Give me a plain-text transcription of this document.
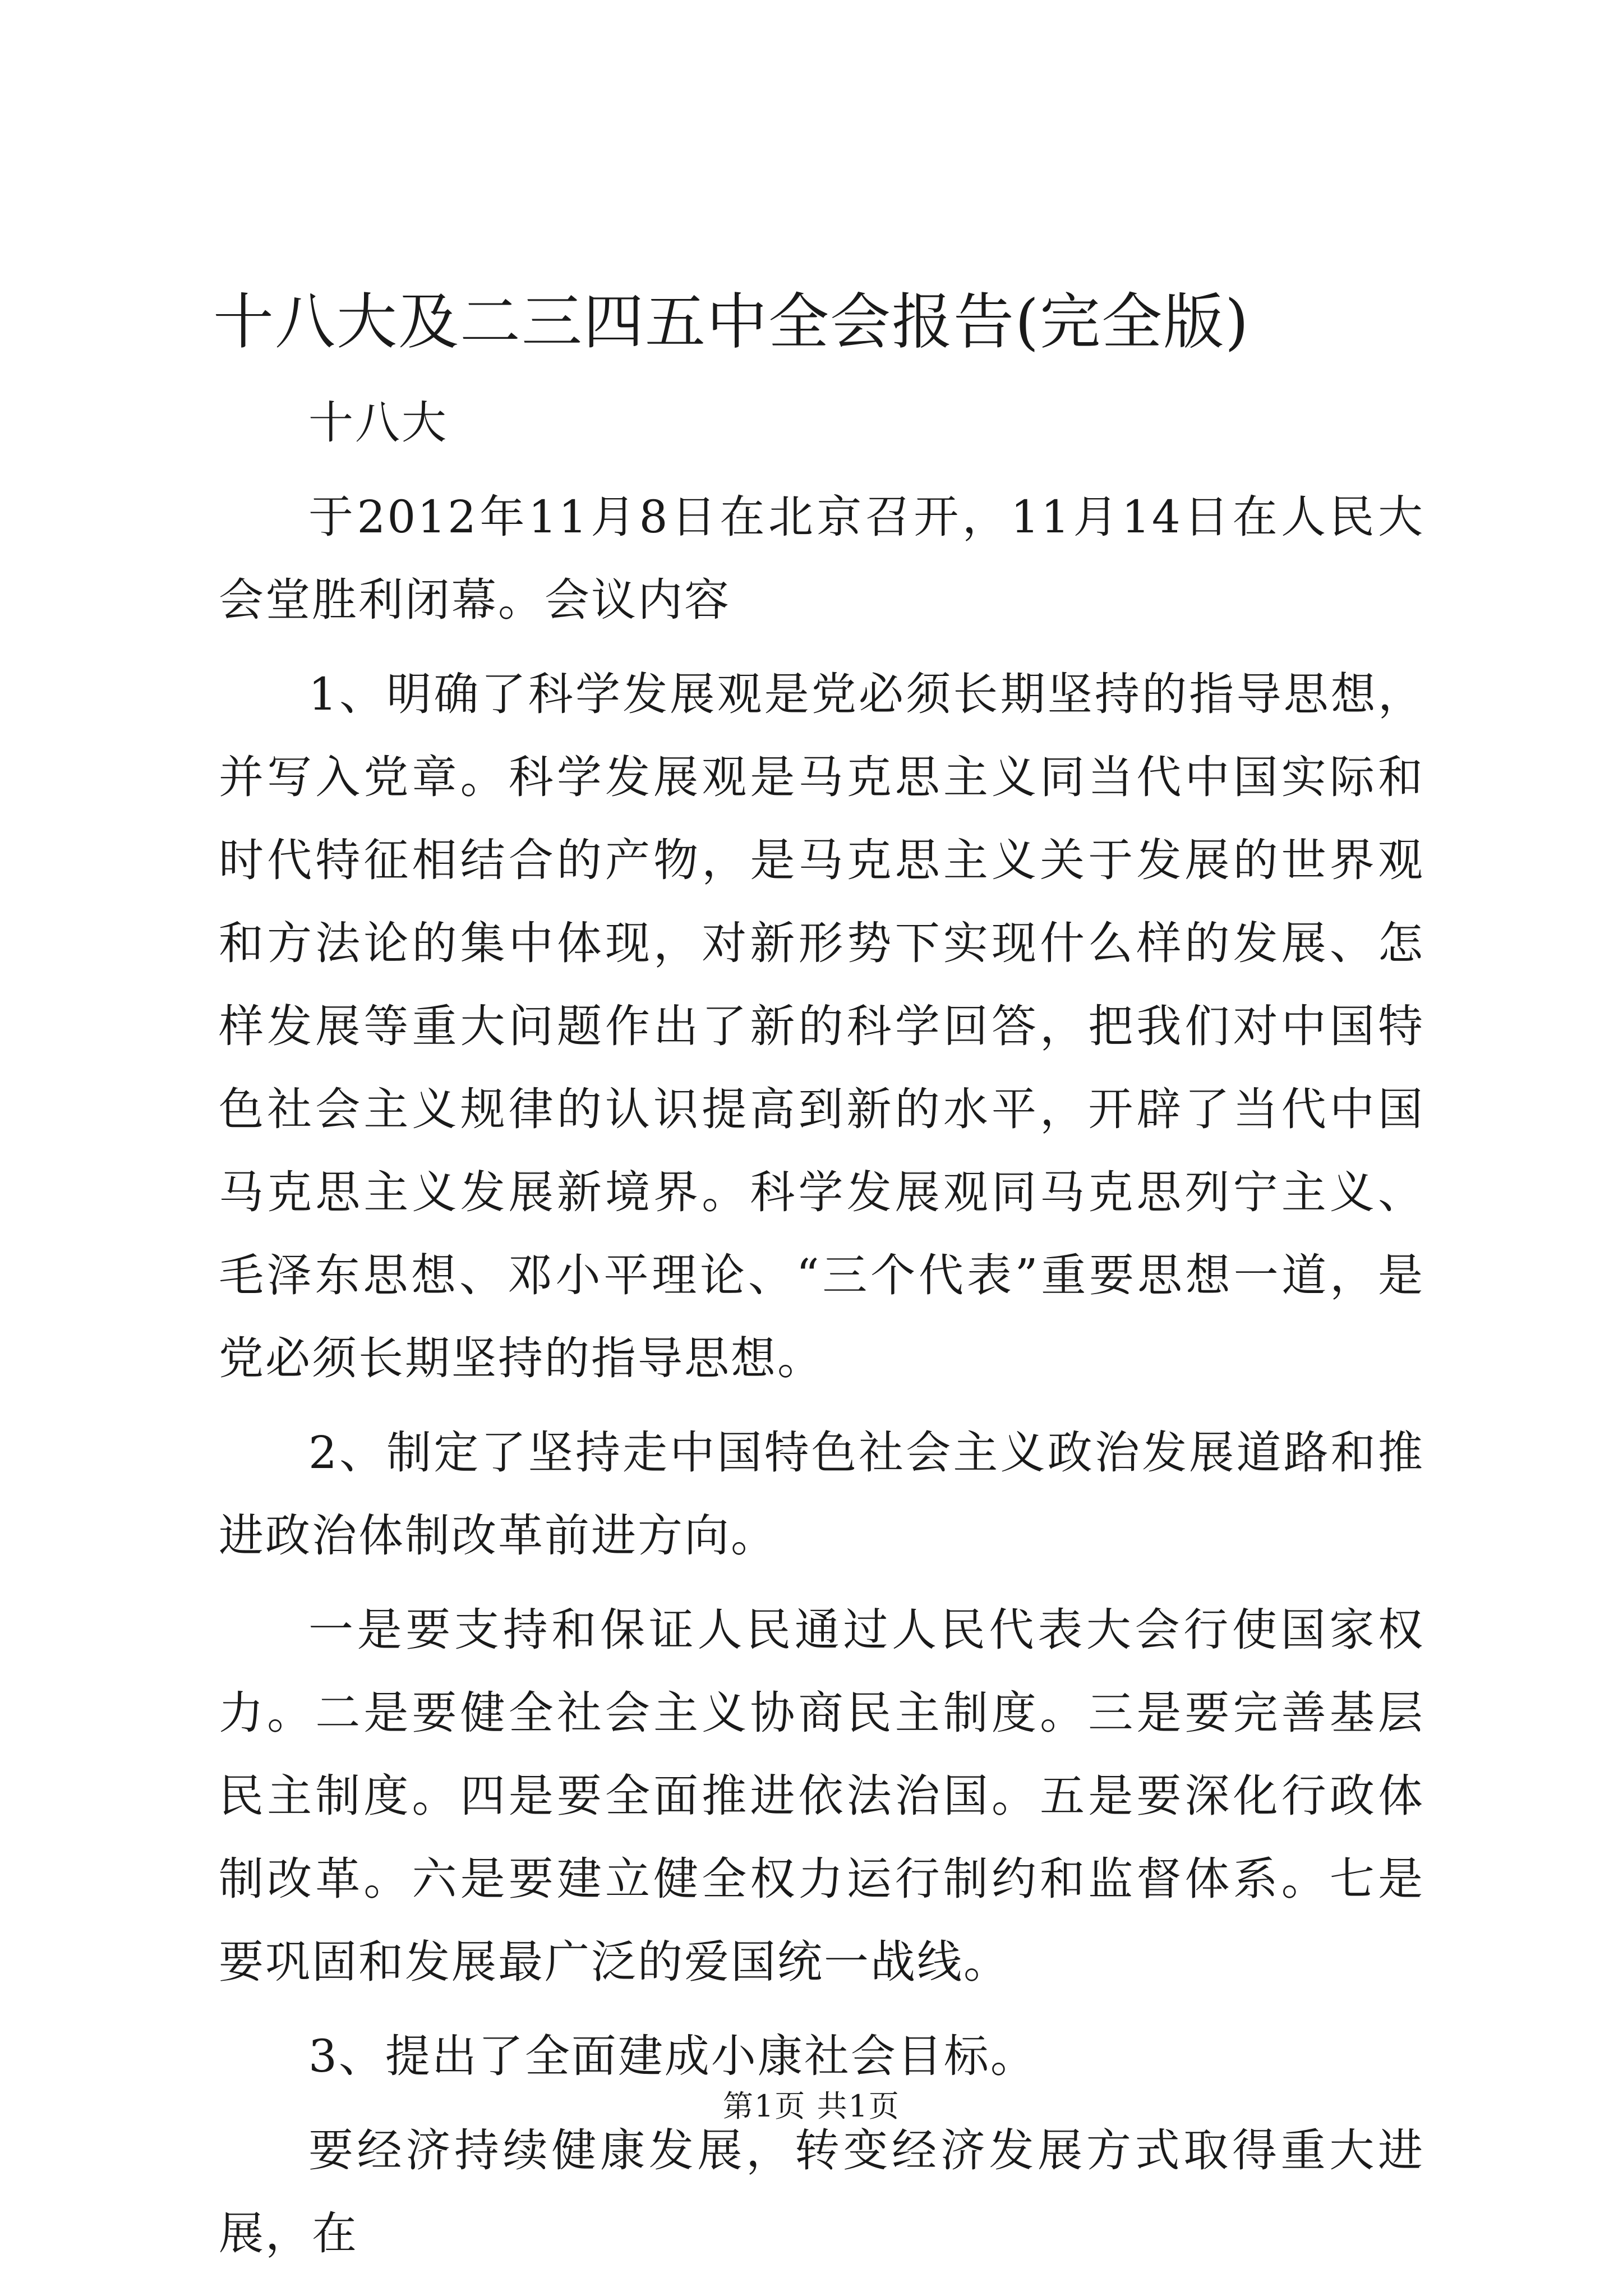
十八大及二三四五中全会报告(完全版)

十八大

于2012年11月8日在北京召开，11月14日在人民大会堂胜利闭幕。会议内容

1、明确了科学发展观是党必须长期坚持的指导思想，并写入党章。科学发展观是马克思主义同当代中国实际和时代特征相结合的产物，是马克思主义关于发展的世界观和方法论的集中体现，对新形势下实现什么样的发展、怎样发展等重大问题作出了新的科学回答，把我们对中国特色社会主义规律的认识提高到新的水平，开辟了当代中国马克思主义发展新境界。科学发展观同马克思列宁主义、毛泽东思想、邓小平理论、“三个代表”重要思想一道，是党必须长期坚持的指导思想。

2、制定了坚持走中国特色社会主义政治发展道路和推进政治体制改革前进方向。

一是要支持和保证人民通过人民代表大会行使国家权力。二是要健全社会主义协商民主制度。三是要完善基层民主制度。四是要全面推进依法治国。五是要深化行政体制改革。六是要建立健全权力运行制约和监督体系。七是要巩固和发展最广泛的爱国统一战线。

3、提出了全面建成小康社会目标。

要经济持续健康发展，转变经济发展方式取得重大进展，在

第1页 共1页
